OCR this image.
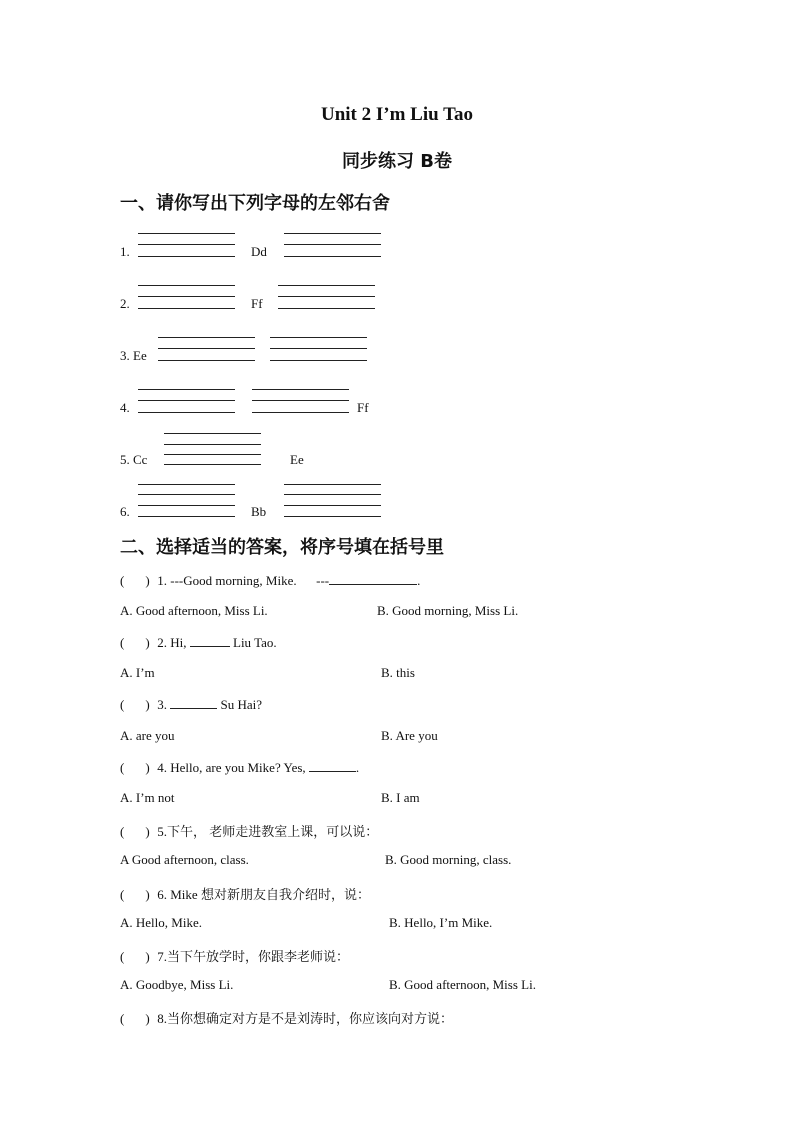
Unit 2 I’m Liu Tao
同步练习 B卷
一、请你写出下列字母的左邻右舍
1.	Dd
2.	Ff
3. Ee
4.	Ff
5. Cc	Ee
6.	Bb
二、选择适当的答案，将序号填在括号里
( ) 1. ---Good morning, Mike.      ---	.
A. Good afternoon, Miss Li.	B. Good morning, Miss Li.
( ) 2. Hi,	Liu Tao.
A. I’m	B. this
( ) 3.	Su Hai?
A. are you	B. Are you
( ) 4. Hello, are you Mike? Yes,	.
A. I’m not	B. I am
( ) 5.下午， 老师走进教室上课，可以说：
A Good afternoon, class.	B. Good morning, class.
( ) 6. Mike 想对新朋友自我介绍时，说：
A. Hello, Mike.	B. Hello, I’m Mike.
( ) 7.当下午放学时，你跟李老师说：
A. Goodbye, Miss Li.	B. Good afternoon, Miss Li.
( ) 8.当你想确定对方是不是刘涛时，你应该向对方说：
